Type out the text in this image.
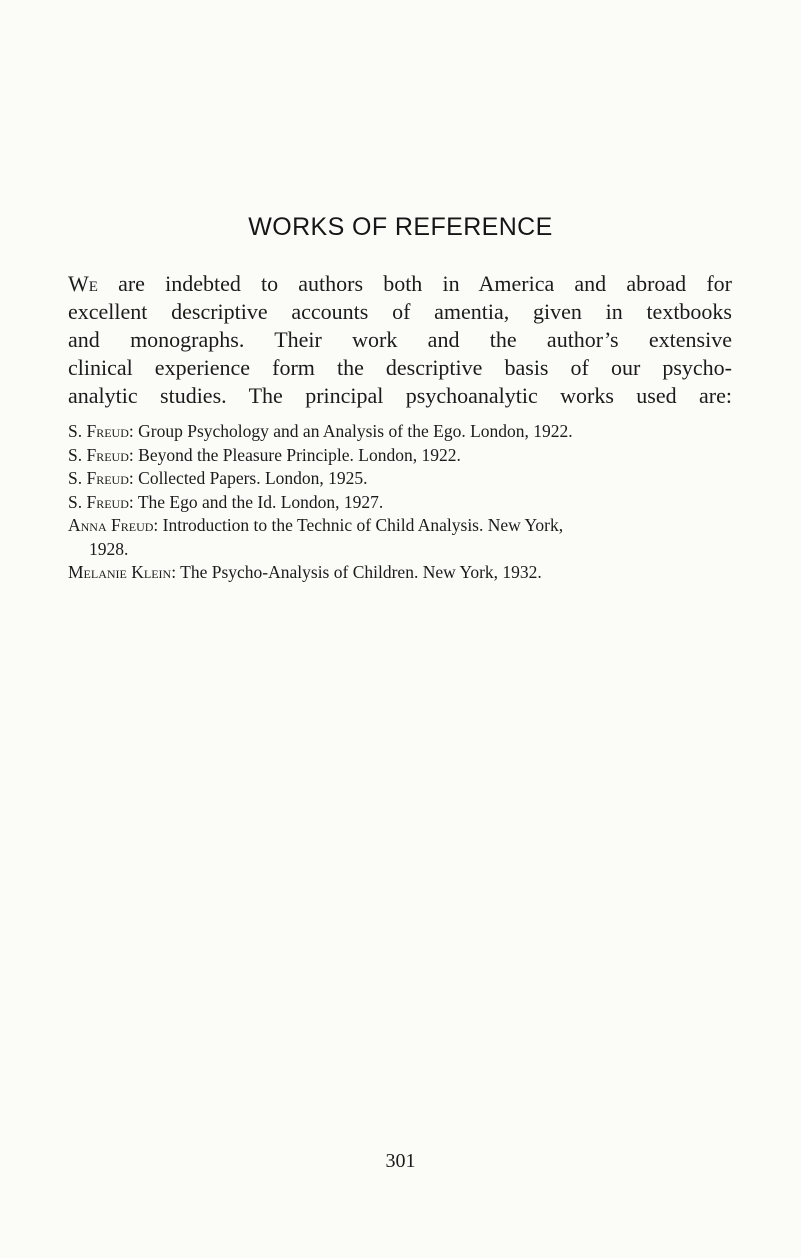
WORKS OF REFERENCE
We are indebted to authors both in America and abroad for
excellent descriptive accounts of amentia, given in textbooks
and monographs. Their work and the author’s extensive
clinical experience form the descriptive basis of our psycho-
analytic studies. The principal psychoanalytic works used are:
S. Freud: Group Psychology and an Analysis of the Ego. London, 1922.
S. Freud: Beyond the Pleasure Principle. London, 1922.
S. Freud: Collected Papers. London, 1925.
S. Freud: The Ego and the Id. London, 1927.
Anna Freud: Introduction to the Technic of Child Analysis. New York,
1928.
Melanie Klein: The Psycho-Analysis of Children. New York, 1932.
301
